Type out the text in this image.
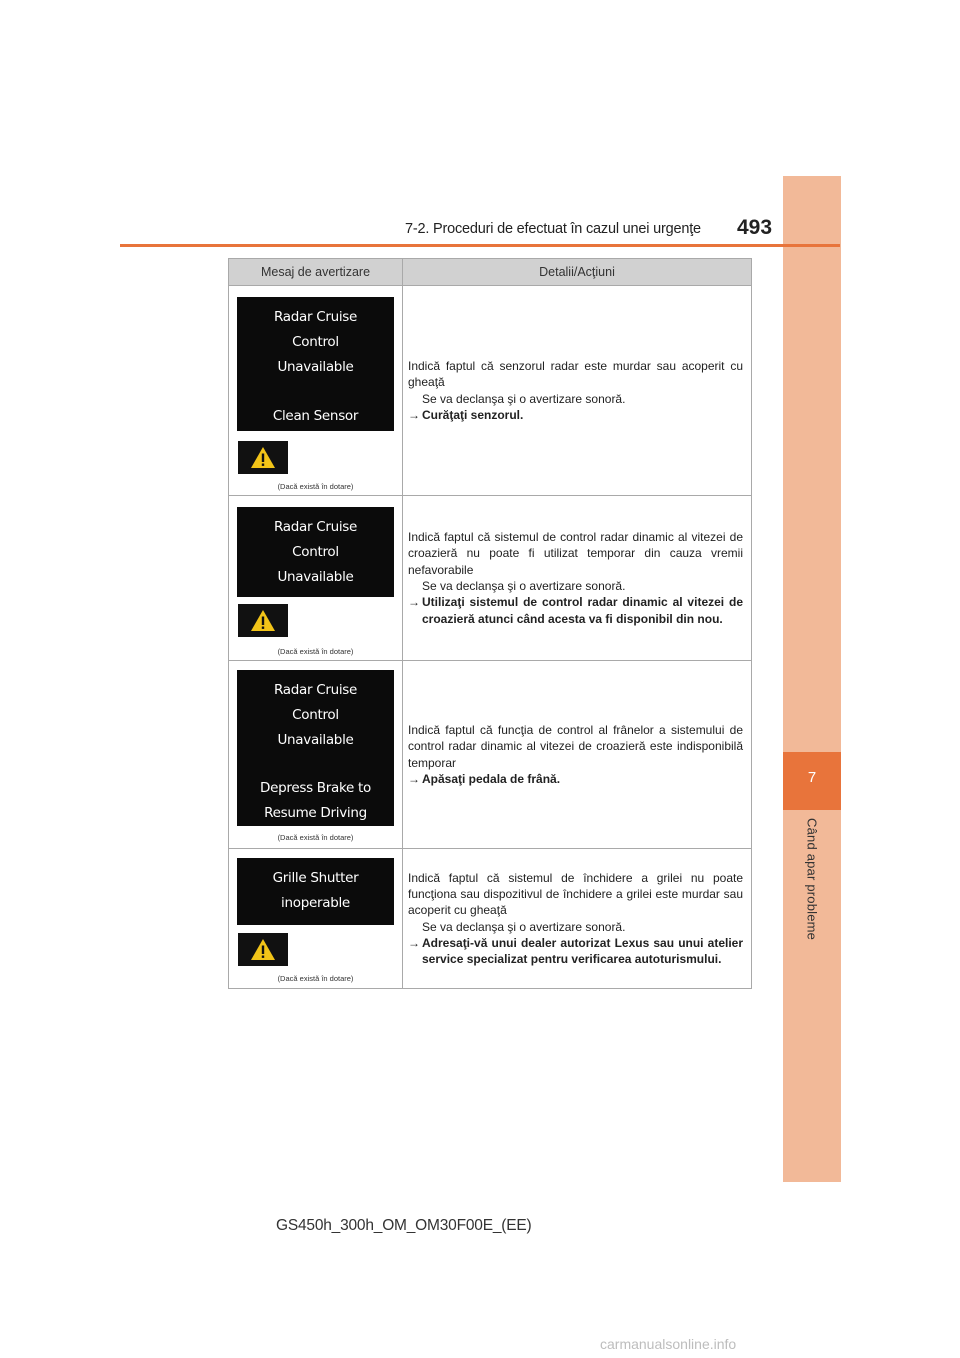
7
Când apar probleme
7-2. Proceduri de efectuat în cazul unei urgenţe 493
Mesaj de avertizare	Detalii/Acţiuni
Radar Cruise
Control
Unavailable
Clean Sensor
(Dacă există în dotare)

Indică faptul că senzorul radar este murdar sau acoperit cu gheaţă

Se va declanşa şi o avertizare sonoră.

→ Curăţaţi senzorul.

Radar Cruise
Control
Unavailable
(Dacă există în dotare)

Indică faptul că sistemul de control radar dinamic al vitezei de croazieră nu poate fi utilizat temporar din cauza vremii nefavorabile

Se va declanşa şi o avertizare sonoră.

→ Utilizaţi sistemul de control radar dinamic al vitezei de croazieră atunci când acesta va fi disponibil din nou.

Radar Cruise
Control
Unavailable
Depress Brake to
Resume Driving
(Dacă există în dotare)

Indică faptul că funcţia de control al frânelor a sistemului de control radar dinamic al vitezei de croazieră este indisponibilă temporar

→ Apăsaţi pedala de frână.

Grille Shutter
inoperable
(Dacă există în dotare)

Indică faptul că sistemul de închidere a grilei nu poate funcţiona sau dispozitivul de închidere a grilei este murdar sau acoperit cu gheaţă

Se va declanşa şi o avertizare sonoră.

→ Adresaţi-vă unui dealer autorizat Lexus sau unui atelier service specializat pentru verificarea autoturismului.

GS450h_300h_OM_OM30F00E_(EE)
carmanualsonline.info
